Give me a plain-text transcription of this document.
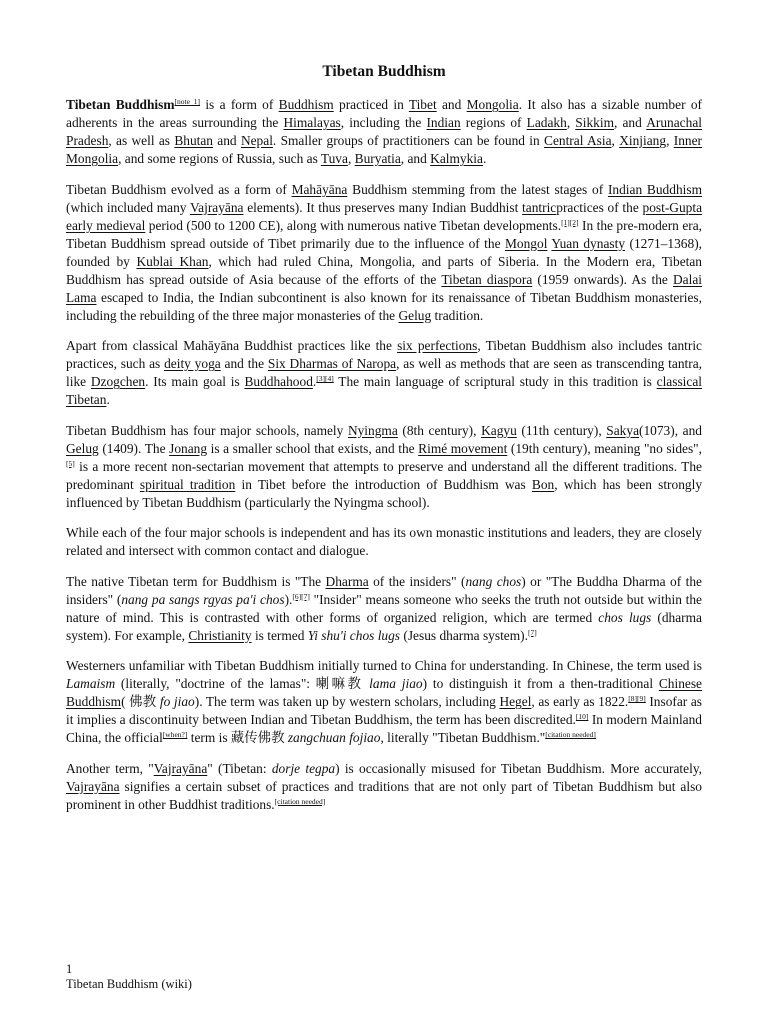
Tibetan Buddhism

Tibetan Buddhism[note 1] is a form of Buddhism practiced in Tibet and Mongolia. It also has a sizable number of adherents in the areas surrounding the Himalayas, including the Indian regions of Ladakh, Sikkim, and Arunachal Pradesh, as well as Bhutan and Nepal. Smaller groups of practitioners can be found in Central Asia, Xinjiang, Inner Mongolia, and some regions of Russia, such as Tuva, Buryatia, and Kalmykia.

Tibetan Buddhism evolved as a form of Mahāyāna Buddhism stemming from the latest stages of Indian Buddhism (which included many Vajrayāna elements). It thus preserves many Indian Buddhist tantricpractices of the post-Gupta early medieval period (500 to 1200 CE), along with numerous native Tibetan developments.[1][2] In the pre-modern era, Tibetan Buddhism spread outside of Tibet primarily due to the influence of the Mongol Yuan dynasty (1271–1368), founded by Kublai Khan, which had ruled China, Mongolia, and parts of Siberia. In the Modern era, Tibetan Buddhism has spread outside of Asia because of the efforts of the Tibetan diaspora (1959 onwards). As the Dalai Lama escaped to India, the Indian subcontinent is also known for its renaissance of Tibetan Buddhism monasteries, including the rebuilding of the three major monasteries of the Gelug tradition.

Apart from classical Mahāyāna Buddhist practices like the six perfections, Tibetan Buddhism also includes tantric practices, such as deity yoga and the Six Dharmas of Naropa, as well as methods that are seen as transcending tantra, like Dzogchen. Its main goal is Buddhahood.[3][4] The main language of scriptural study in this tradition is classical Tibetan.

Tibetan Buddhism has four major schools, namely Nyingma (8th century), Kagyu (11th century), Sakya(1073), and Gelug (1409). The Jonang is a smaller school that exists, and the Rimé movement (19th century), meaning "no sides",[5] is a more recent non-sectarian movement that attempts to preserve and understand all the different traditions. The predominant spiritual tradition in Tibet before the introduction of Buddhism was Bon, which has been strongly influenced by Tibetan Buddhism (particularly the Nyingma school).

While each of the four major schools is independent and has its own monastic institutions and leaders, they are closely related and intersect with common contact and dialogue.

The native Tibetan term for Buddhism is "The Dharma of the insiders" (nang chos) or "The Buddha Dharma of the insiders" (nang pa sangs rgyas pa'i chos).[6][7] "Insider" means someone who seeks the truth not outside but within the nature of mind. This is contrasted with other forms of organized religion, which are termed chos lugs (dharma system). For example, Christianity is termed Yi shu'i chos lugs (Jesus dharma system).[7]

Westerners unfamiliar with Tibetan Buddhism initially turned to China for understanding. In Chinese, the term used is Lamaism (literally, "doctrine of the lamas": 喇嘛教 lama jiao) to distinguish it from a then-traditional Chinese Buddhism( 佛教 fo jiao). The term was taken up by western scholars, including Hegel, as early as 1822.[8][9] Insofar as it implies a discontinuity between Indian and Tibetan Buddhism, the term has been discredited.[10] In modern Mainland China, the official[when?] term is 藏传佛教 zangchuan fojiao, literally "Tibetan Buddhism."[citation needed]

Another term, "Vajrayāna" (Tibetan: dorje tegpa) is occasionally misused for Tibetan Buddhism. More accurately, Vajrayāna signifies a certain subset of practices and traditions that are not only part of Tibetan Buddhism but also prominent in other Buddhist traditions.[citation needed]

1
Tibetan Buddhism (wiki)
